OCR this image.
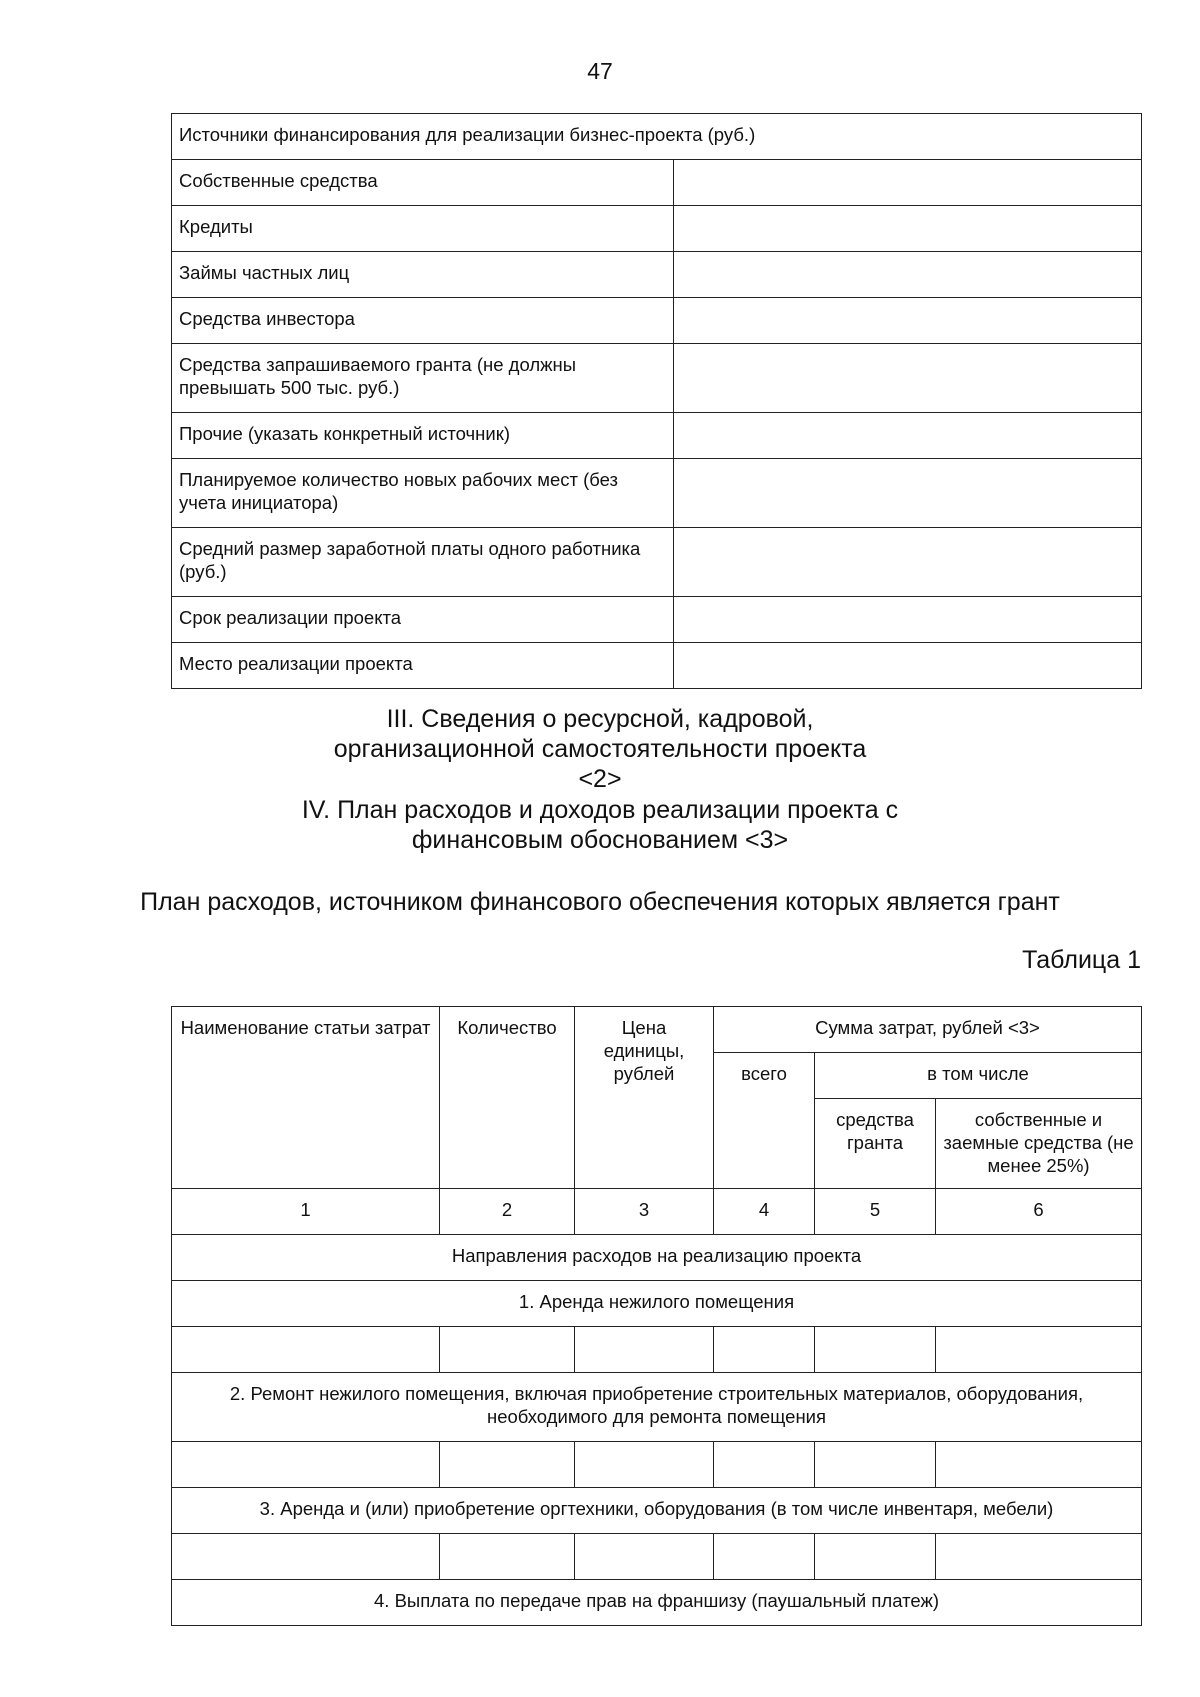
47
Источники финансирования для реализации бизнес-проекта (руб.)	
Собственные средства	
Кредиты	
Займы частных лиц	
Средства инвестора	
Средства запрашиваемого гранта (не должны превышать 500 тыс. руб.)	
Прочие (указать конкретный источник)	
Планируемое количество новых рабочих мест (без учета инициатора)	
Средний размер заработной платы одного работника (руб.)	
Срок реализации проекта	
Место реализации проекта	
III. Сведения о ресурсной, кадровой, организационной самостоятельности проекта <2>
IV. План расходов и доходов реализации проекта с финансовым обоснованием <3>
План расходов, источником финансового обеспечения которых является грант
Таблица 1
Наименование статьи затрат	Количество	Цена единицы, рублей	Сумма затрат, рублей <3>		
			всего	в том числе	
				средства гранта	собственные и заемные средства (не менее 25%)
1	2	3	4	5	6
Направления расходов на реализацию проекта					
1. Аренда нежилого помещения					

2. Ремонт нежилого помещения, включая приобретение строительных материалов, оборудования, необходимого для ремонта помещения					

3. Аренда и (или) приобретение оргтехники, оборудования (в том числе инвентаря, мебели)					

4. Выплата по передаче прав на франшизу (паушальный платеж)					
